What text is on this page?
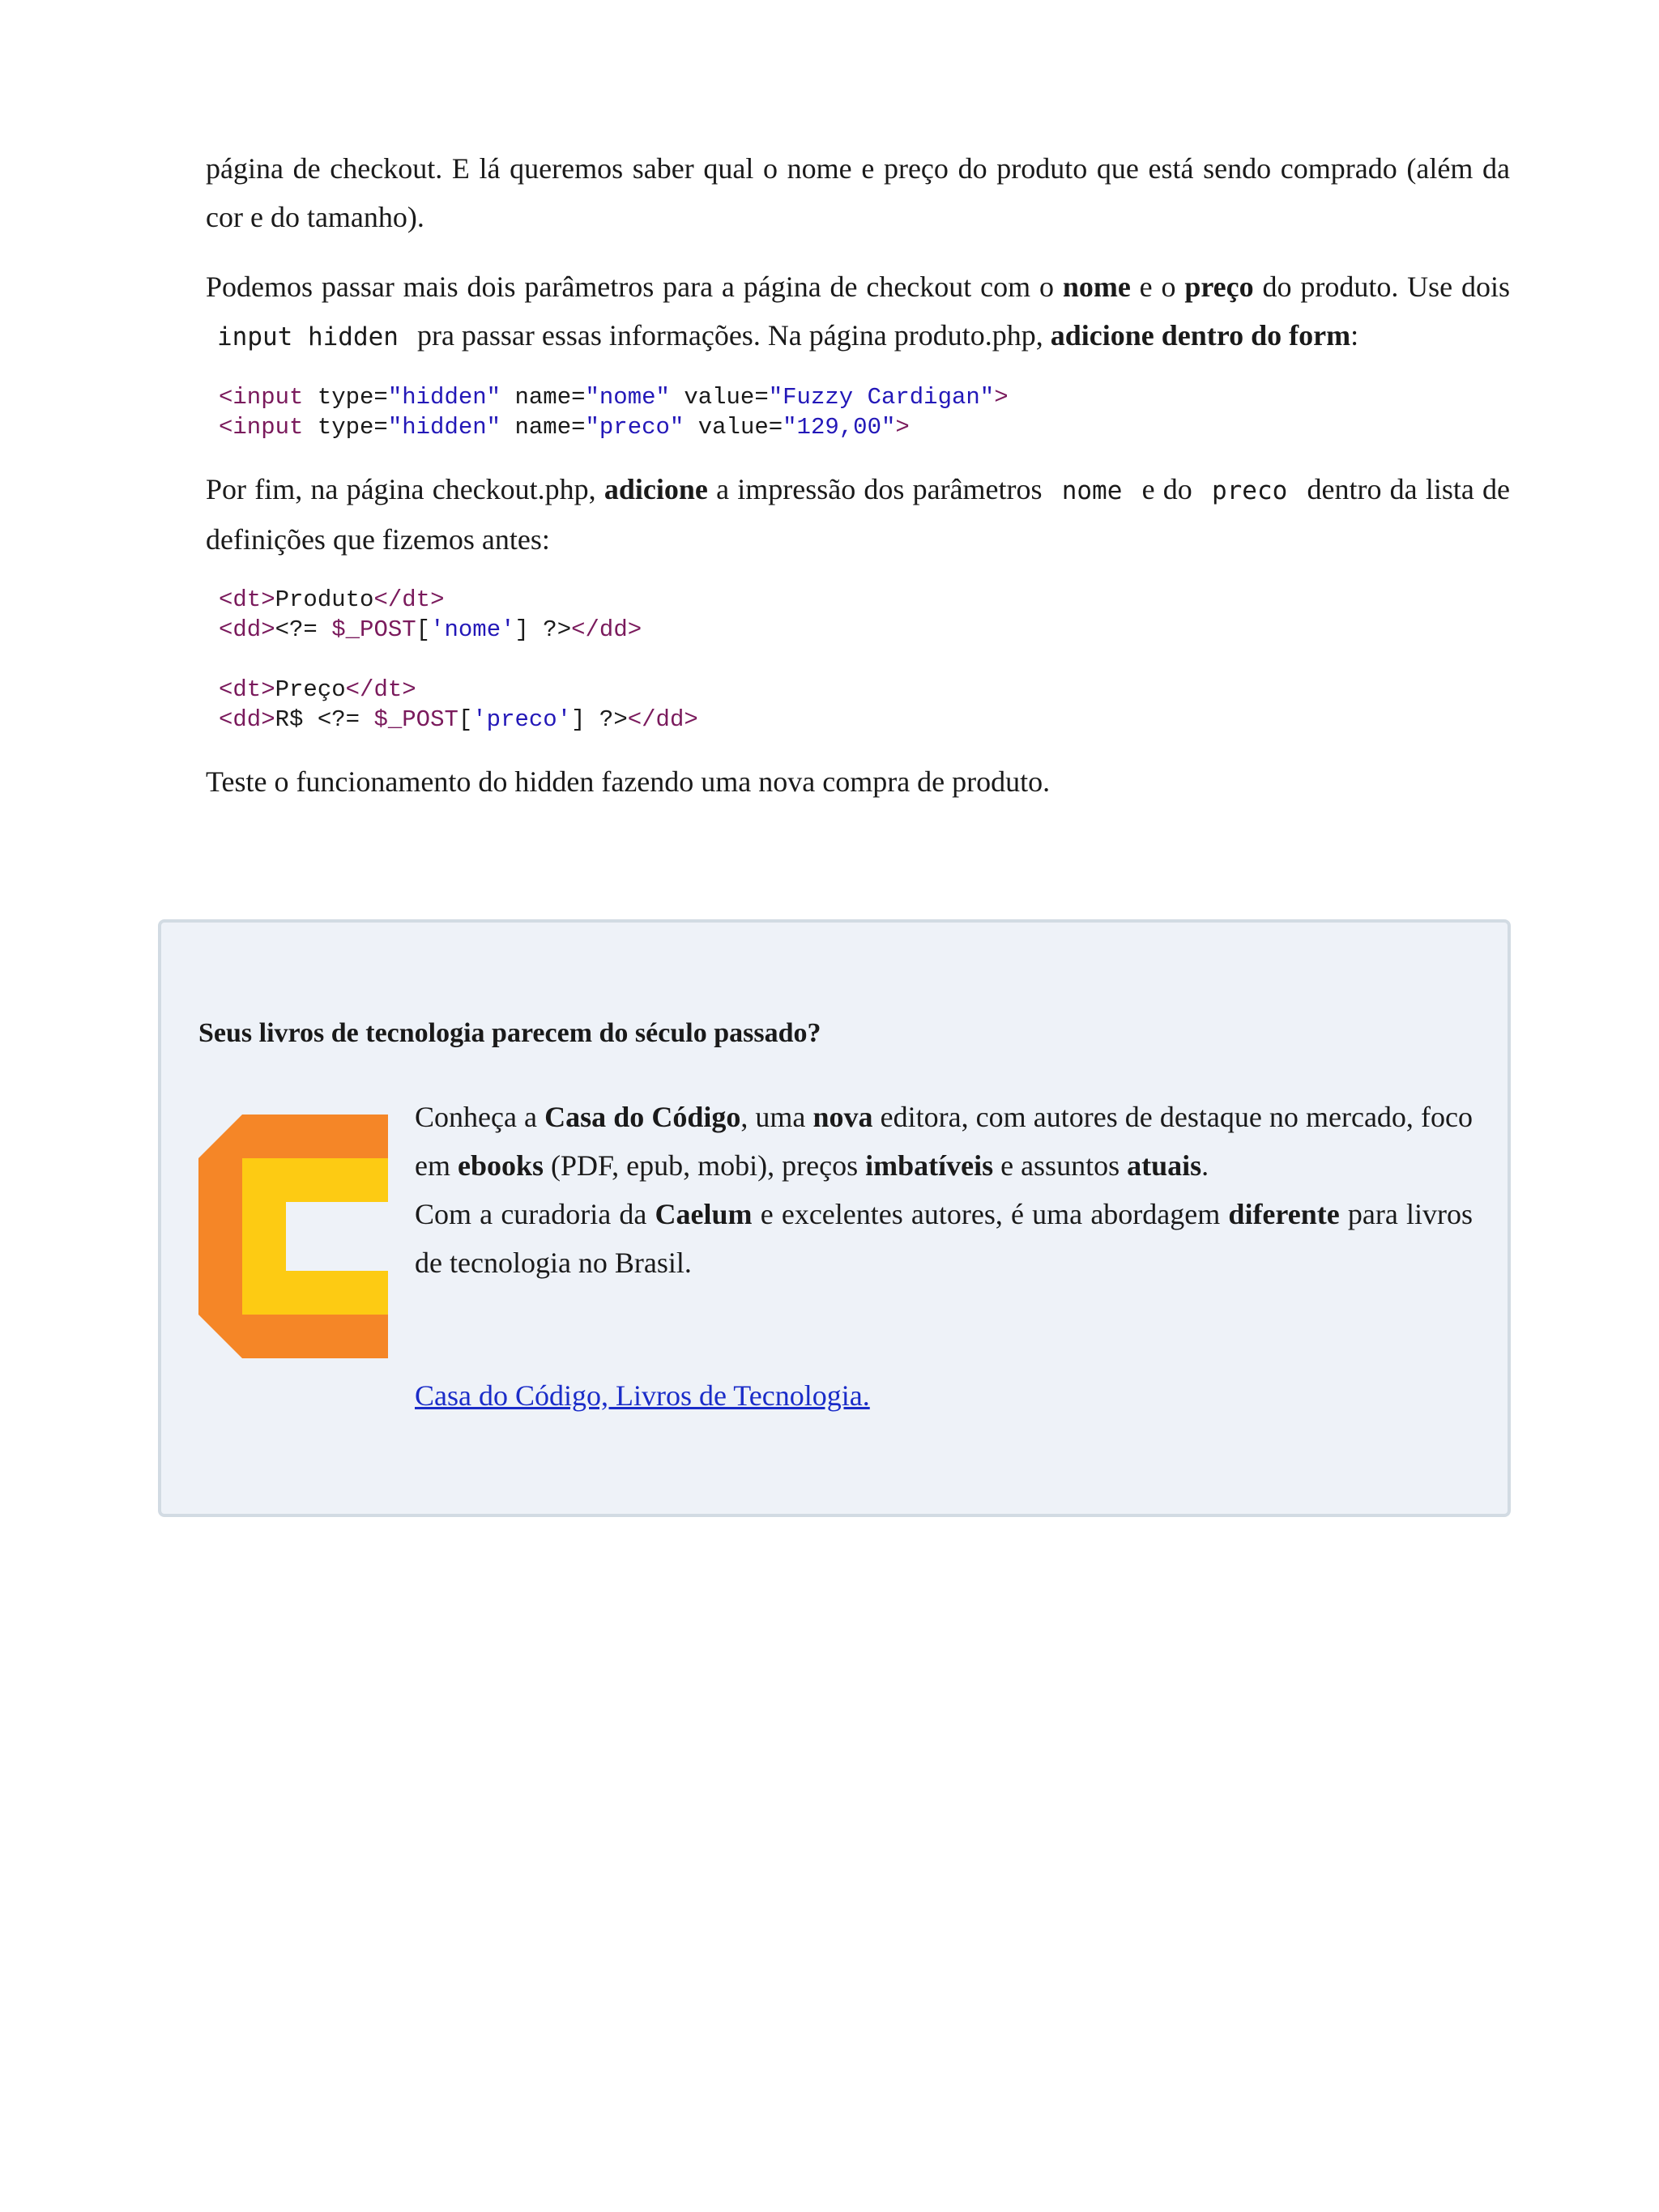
página de checkout. E lá queremos saber qual o nome e preço do produto que está sendo comprado (além da cor e do tamanho).

Podemos passar mais dois parâmetros para a página de checkout com o nome e o preço do produto. Use dois input hidden pra passar essas informações. Na página produto.php, adicione dentro do form:

<input type="hidden" name="nome" value="Fuzzy Cardigan">
<input type="hidden" name="preco" value="129,00">

Por fim, na página checkout.php, adicione a impressão dos parâmetros nome e do preco dentro da lista de definições que fizemos antes:

<dt>Produto</dt>
<dd><?= $_POST['nome'] ?></dd>

<dt>Preço</dt>
<dd>R$ <?= $_POST['preco'] ?></dd>

Teste o funcionamento do hidden fazendo uma nova compra de produto.

Seus livros de tecnologia parecem do século passado?

Conheça a Casa do Código, uma nova editora, com autores de destaque no mercado, foco em ebooks (PDF, epub, mobi), preços imbatíveis e assuntos atuais.

Com a curadoria da Caelum e excelentes autores, é uma abordagem diferente para livros de tecnologia no Brasil.

Casa do Código, Livros de Tecnologia.
